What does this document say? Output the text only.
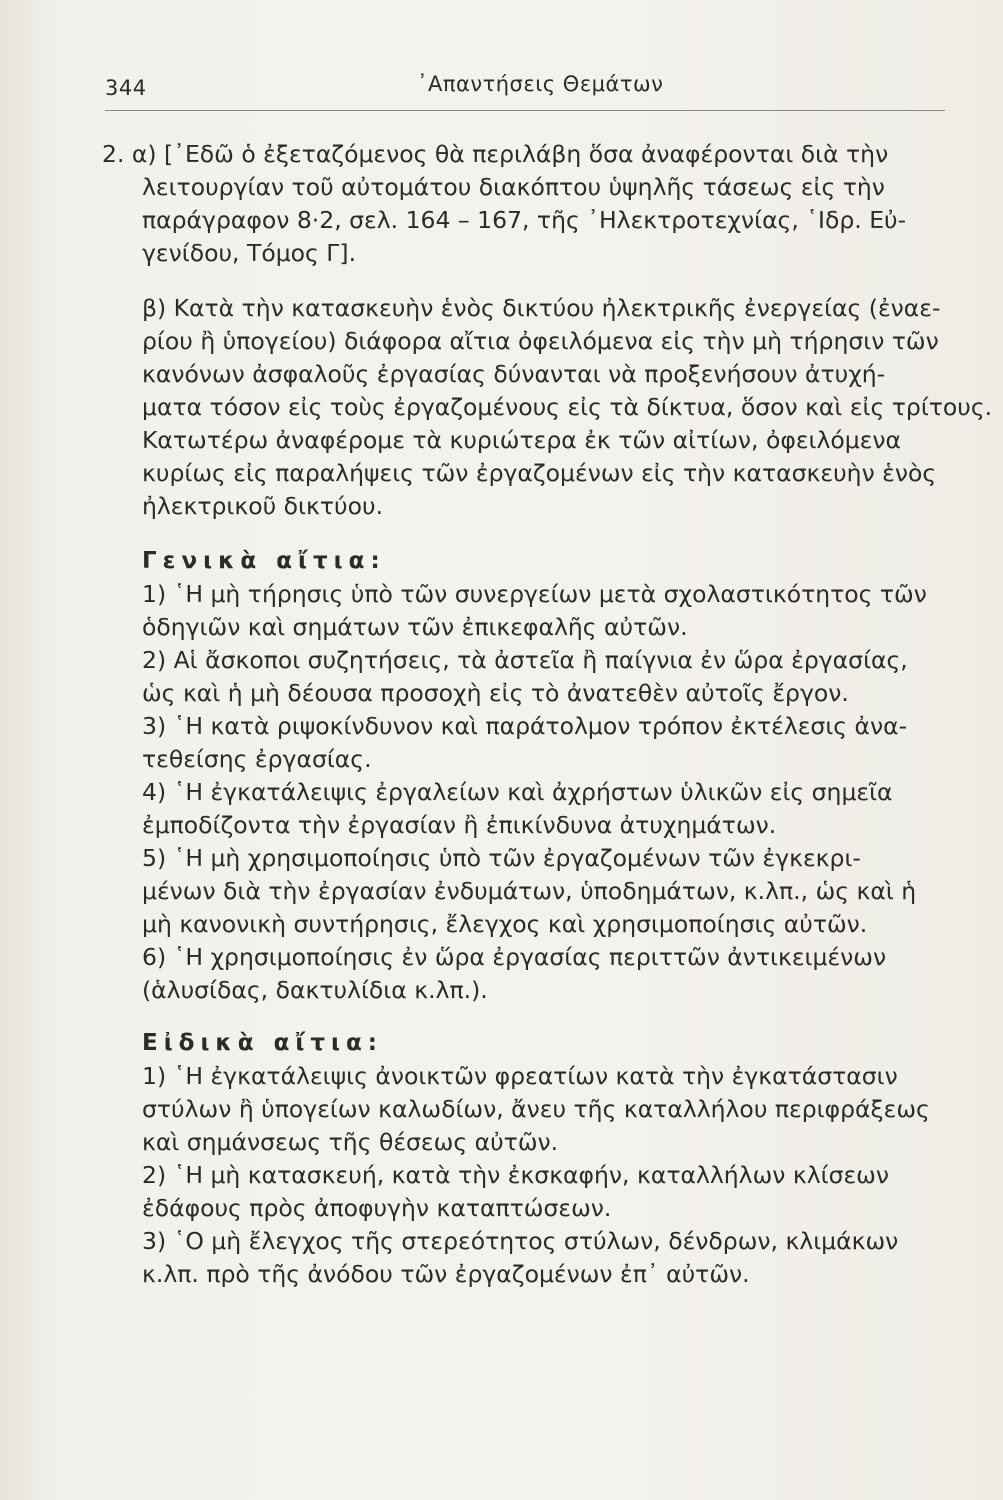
344	᾿Απαντήσεις Θεμάτων

2. α) [᾿Εδῶ ὁ ἐξεταζόμενος θὰ περιλάβη ὅσα ἀναφέρονται διὰ τὴν
λειτουργίαν τοῦ αὐτομάτου διακόπτου ὑψηλῆς τάσεως εἰς τὴν
παράγραφον 8·2, σελ. 164 – 167, τῆς ᾿Ηλεκτροτεχνίας, ῾Ιδρ. Εὐ-
γενίδου, Τόμος Γ].

β) Κατὰ τὴν κατασκευὴν ἑνὸς δικτύου ἠλεκτρικῆς ἐνεργείας (ἐναε-
ρίου ἢ ὑπογείου) διάφορα αἴτια ὀφειλόμενα εἰς τὴν μὴ τήρησιν τῶν
κανόνων ἀσφαλοῦς ἐργασίας δύνανται νὰ προξενήσουν ἀτυχή-
ματα τόσον εἰς τοὺς ἐργαζομένους εἰς τὰ δίκτυα, ὅσον καὶ εἰς τρίτους.
Κατωτέρω ἀναφέρομε τὰ κυριώτερα ἐκ τῶν αἰτίων, ὀφειλόμενα
κυρίως εἰς παραλήψεις τῶν ἐργαζομένων εἰς τὴν κατασκευὴν ἑνὸς
ἠλεκτρικοῦ δικτύου.

Γενικὰ αἴτια:

1) ῾Η μὴ τήρησις ὑπὸ τῶν συνεργείων μετὰ σχολαστικότητος τῶν
ὁδηγιῶν καὶ σημάτων τῶν ἐπικεφαλῆς αὐτῶν.

2) Αἱ ἄσκοποι συζητήσεις, τὰ ἀστεῖα ἢ παίγνια ἐν ὥρα ἐργασίας,
ὡς καὶ ἡ μὴ δέουσα προσοχὴ εἰς τὸ ἀνατεθὲν αὐτοῖς ἔργον.

3) ῾Η κατὰ ριψοκίνδυνον καὶ παράτολμον τρόπον ἐκτέλεσις ἀνα-
τεθείσης ἐργασίας.

4) ῾Η ἐγκατάλειψις ἐργαλείων καὶ ἀχρήστων ὑλικῶν εἰς σημεῖα
ἐμποδίζοντα τὴν ἐργασίαν ἢ ἐπικίνδυνα ἀτυχημάτων.

5) ῾Η μὴ χρησιμοποίησις ὑπὸ τῶν ἐργαζομένων τῶν ἐγκεκρι-
μένων διὰ τὴν ἐργασίαν ἐνδυμάτων, ὑποδημάτων, κ.λπ., ὡς καὶ ἡ
μὴ κανονικὴ συντήρησις, ἔλεγχος καὶ χρησιμοποίησις αὐτῶν.

6) ῾Η χρησιμοποίησις ἐν ὥρα ἐργασίας περιττῶν ἀντικειμένων
(ἁλυσίδας, δακτυλίδια κ.λπ.).

Εἰδικὰ αἴτια:

1) ῾Η ἐγκατάλειψις ἀνοικτῶν φρεατίων κατὰ τὴν ἐγκατάστασιν
στύλων ἢ ὑπογείων καλωδίων, ἄνευ τῆς καταλλήλου περιφράξεως
καὶ σημάνσεως τῆς θέσεως αὐτῶν.

2) ῾Η μὴ κατασκευή, κατὰ τὴν ἐκσκαφήν, καταλλήλων κλίσεων
ἐδάφους πρὸς ἀποφυγὴν καταπτώσεων.

3) ῾Ο μὴ ἔλεγχος τῆς στερεότητος στύλων, δένδρων, κλιμάκων
κ.λπ. πρὸ τῆς ἀνόδου τῶν ἐργαζομένων ἐπ᾿ αὐτῶν.
